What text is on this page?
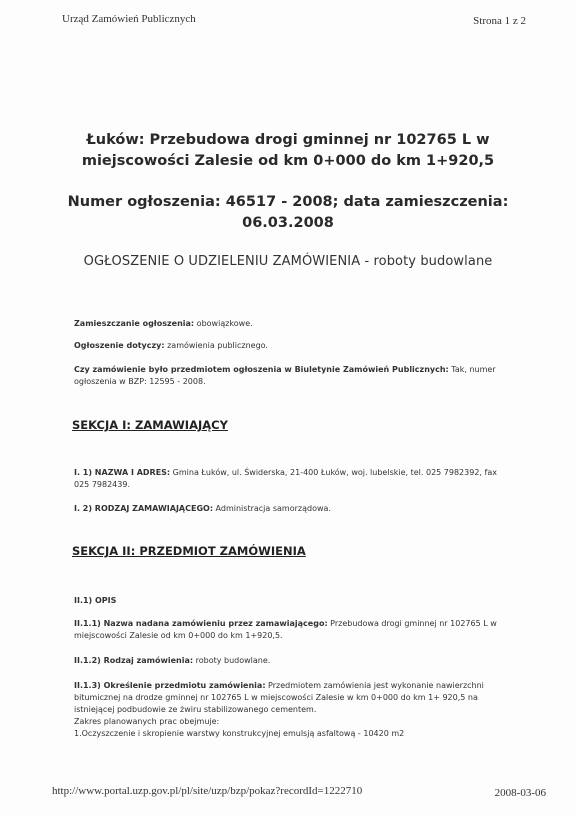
Urząd Zamówień Publicznych	Strona 1 z 2
Łuków: Przebudowa drogi gminnej nr 102765 L w
miejscowości Zalesie od km 0+000 do km 1+920,5
Numer ogłoszenia: 46517 - 2008; data zamieszczenia:
06.03.2008
OGŁOSZENIE O UDZIELENIU ZAMÓWIENIA - roboty budowlane
Zamieszczanie ogłoszenia: obowiązkowe.
Ogłoszenie dotyczy: zamówienia publicznego.
Czy zamówienie było przedmiotem ogłoszenia w Biuletynie Zamówień Publicznych: Tak, numer ogłoszenia w BZP: 12595 - 2008.
SEKCJA I: ZAMAWIAJĄCY
I. 1) NAZWA I ADRES: Gmina Łuków, ul. Świderska, 21-400 Łuków, woj. lubelskie, tel. 025 7982392, fax 025 7982439.
I. 2) RODZAJ ZAMAWIAJĄCEGO: Administracja samorządowa.
SEKCJA II: PRZEDMIOT ZAMÓWIENIA
II.1) OPIS
II.1.1) Nazwa nadana zamówieniu przez zamawiającego: Przebudowa drogi gminnej nr 102765 L w miejscowości Zalesie od km 0+000 do km 1+920,5.
II.1.2) Rodzaj zamówienia: roboty budowlane.
II.1.3) Określenie przedmiotu zamówienia: Przedmiotem zamówienia jest wykonanie nawierzchni bitumicznej na drodze gminnej nr 102765 L w miejscowości Zalesie w km 0+000 do km 1+ 920,5 na istniejącej podbudowie ze żwiru stabilizowanego cementem.
Zakres planowanych prac obejmuje:
1.Oczyszczenie i skropienie warstwy konstrukcyjnej emulsją asfaltową - 10420 m2
http://www.portal.uzp.gov.pl/pl/site/uzp/bzp/pokaz?recordId=1222710	2008-03-06
